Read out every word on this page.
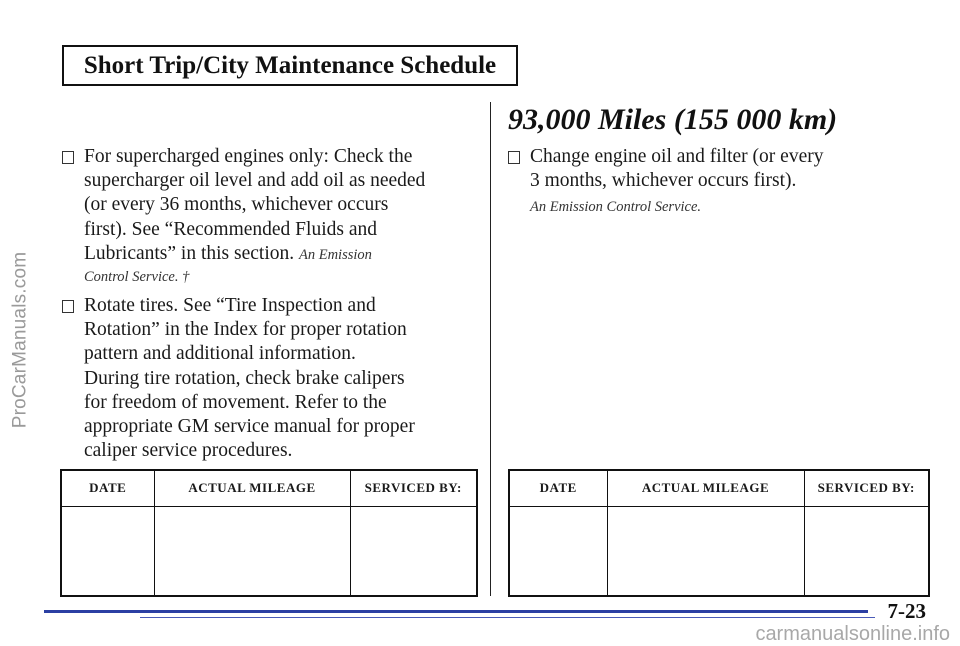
ProCarManuals.com
Short Trip/City Maintenance Schedule
For supercharged engines only: Check the
supercharger oil level and add oil as needed
(or every 36 months, whichever occurs
first). See “Recommended Fluids and
Lubricants” in this section. An Emission
Control Service. †
Rotate tires. See “Tire Inspection and
Rotation” in the Index for proper rotation
pattern and additional information.
During tire rotation, check brake calipers
for freedom of movement. Refer to the
appropriate GM service manual for proper
caliper service procedures.
DATE	ACTUAL MILEAGE	SERVICED BY:

93,000 Miles (155 000 km)
Change engine oil and filter (or every
3 months, whichever occurs first).
An Emission Control Service.
DATE	ACTUAL MILEAGE	SERVICED BY:

7-23
carmanualsonline.info
